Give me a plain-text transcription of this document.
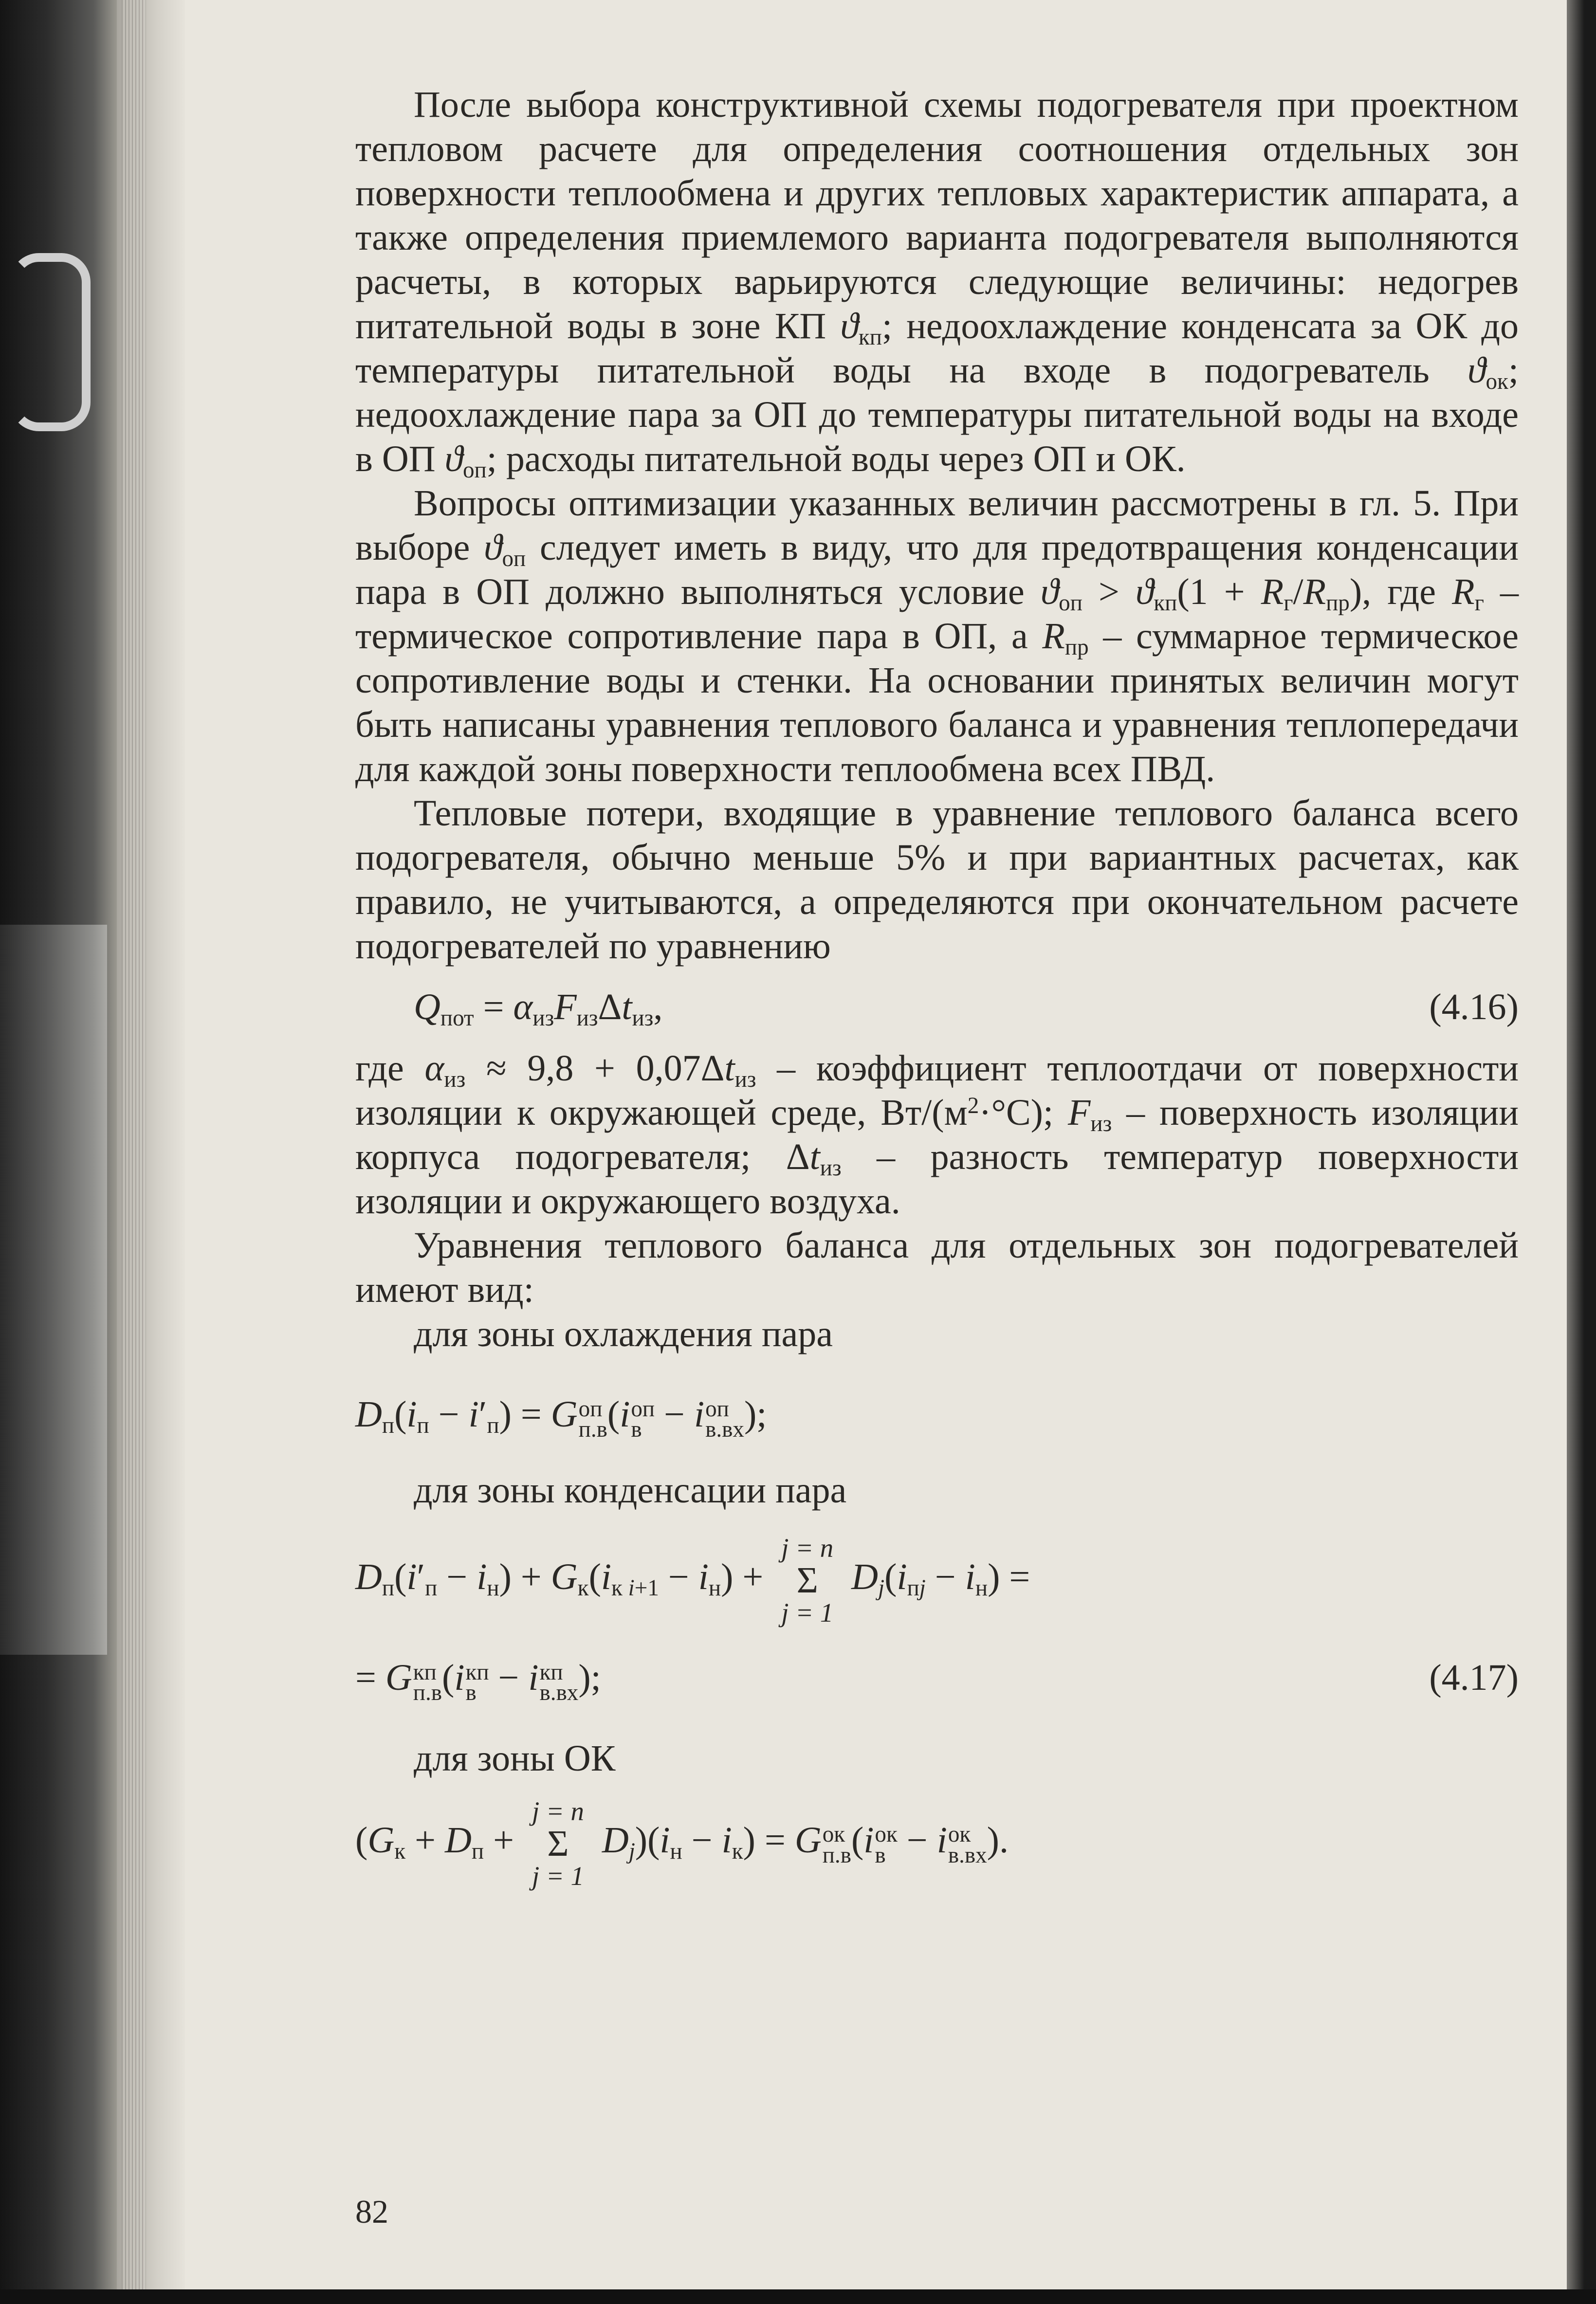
После выбора конструктивной схемы подогревателя при проектном тепловом расчете для определения соотношения отдельных зон поверхности теплообмена и других тепловых характеристик аппарата, а также определения приемлемого варианта подогревателя выполняются расчеты, в которых варьируются следующие величины: недогрев питательной воды в зоне КП $ϑ_{кп}$; недоохлаждение конденсата за ОК до температуры питательной воды на входе в подогреватель $ϑ_{ок}$; недоохлаждение пара за ОП до температуры питательной воды на входе в ОП $ϑ_{оп}$; расходы питательной воды через ОП и ОК.

Вопросы оптимизации указанных величин рассмотрены в гл. 5. При выборе $ϑ_{оп}$ следует иметь в виду, что для предотвращения конденсации пара в ОП должно выполняться условие $ϑ_{оп} > ϑ_{кп}(1 + R_г/R_{пр})$, где $R_г$ – термическое сопротивление пара в ОП, а $R_{пр}$ – суммарное термическое сопротивление воды и стенки. На основании принятых величин могут быть написаны уравнения теплового баланса и уравнения теплопередачи для каждой зоны поверхности теплообмена всех ПВД.

Тепловые потери, входящие в уравнение теплового баланса всего подогревателя, обычно меньше 5% и при вариантных расчетах, как правило, не учитываются, а определяются при окончательном расчете подогревателей по уравнению

$Q_{пот} = \alpha_{из}F_{из}\Delta t_{из}$,	(4.16)

где $\alpha_{из} \approx 9,8 + 0,07\Delta t_{из}$ – коэффициент теплоотдачи от поверхности изоляции к окружающей среде, $Вт/(м^2\cdot^\circ С)$; $F_{из}$ – поверхность изоляции корпуса подогревателя; $\Delta t_{из}$ – разность температур поверхности изоляции и окружающего воздуха.

Уравнения теплового баланса для отдельных зон подогревателей имеют вид:

для зоны охлаждения пара

$D_п(i_п - i'_п) = G$ оп
п.в (i оп
в − i оп
в.вх );

для зоны конденсации пара

$D_п(i'_п - i_н) + G_к(i_{к i+1} - i_н)$ +
j = n
Σ
j = 1
$D_j(i_{пj} - i_н)$ =
= G кп
п.в (i кп
в − i кп
в.вх );	(4.17)

для зоны ОК

($G_к + D_п$ +
j = n
Σ
j = 1
$D_j)(i_н - i_к) = G$ ок
п.в (i ок
в − i ок
в.вх ).
82
